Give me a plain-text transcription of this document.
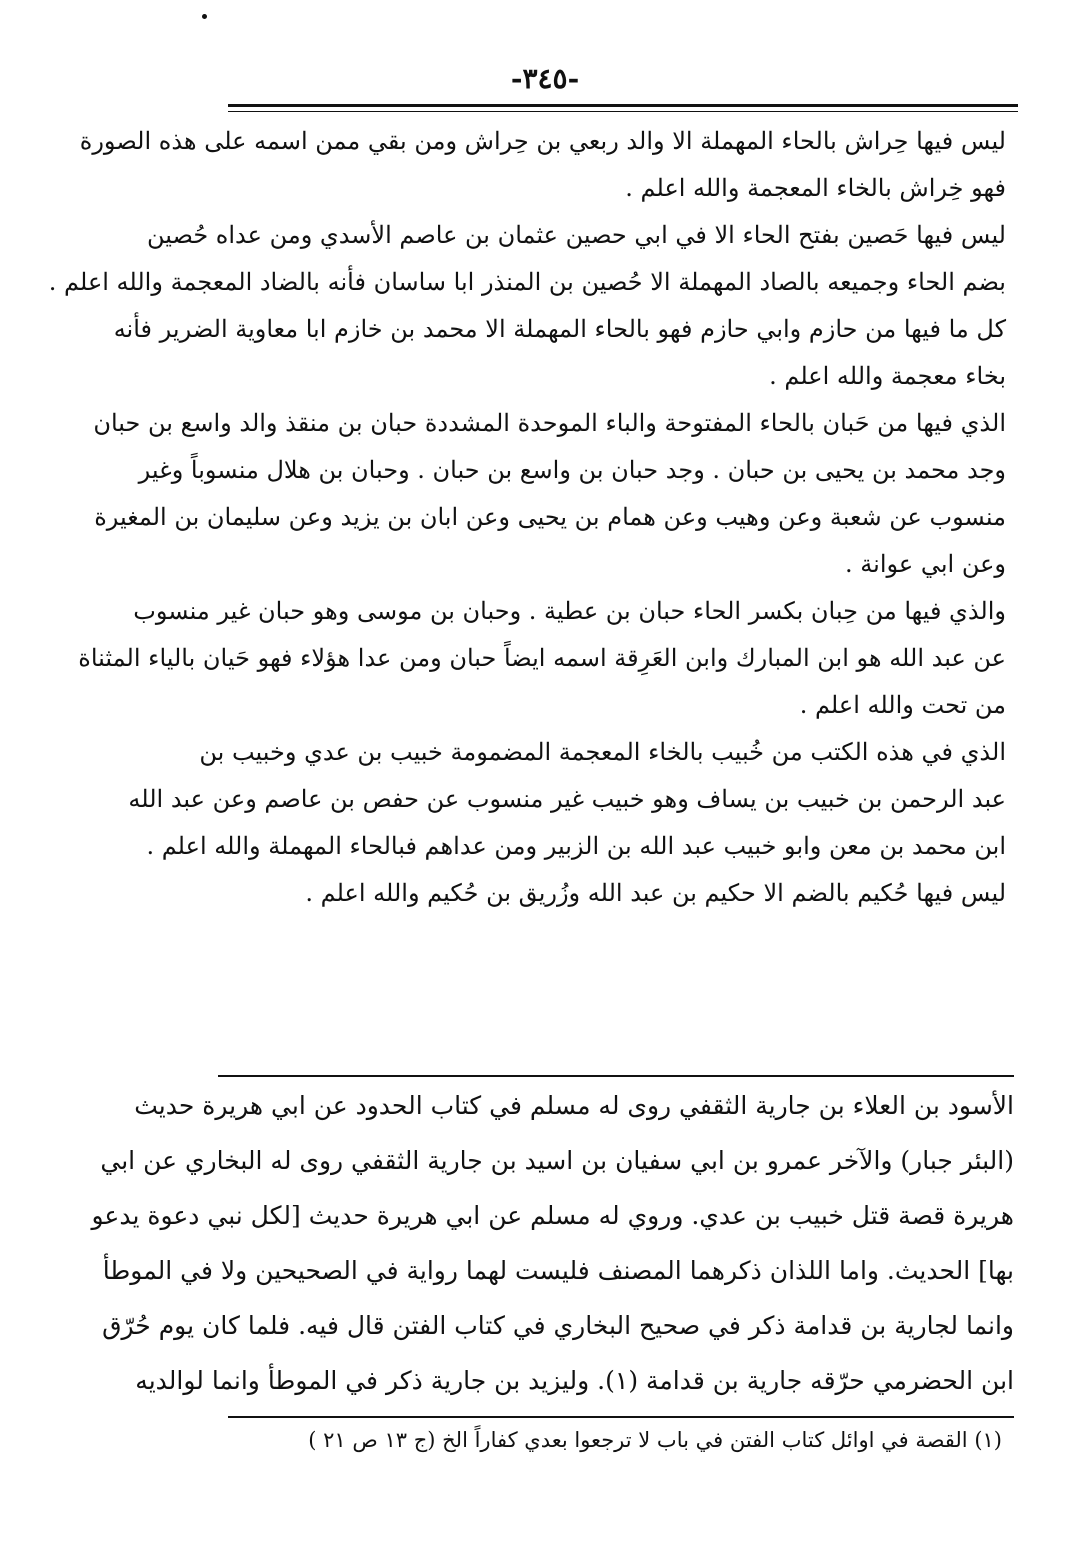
-٣٤٥-
ليس فيها حِراش بالحاء المهملة الا والد ربعي بن حِراش ومن بقي ممن اسمه على هذه الصورة
فهو خِراش بالخاء المعجمة والله اعلم .
ليس فيها حَصين بفتح الحاء الا في ابي حصين عثمان بن عاصم الأسدي ومن عداه حُصين
بضم الحاء وجميعه بالصاد المهملة الا حُصين بن المنذر ابا ساسان فأنه بالضاد المعجمة والله اعلم .
كل ما فيها من حازم وابي حازم فهو بالحاء المهملة الا محمد بن خازم ابا معاوية الضرير فأنه
بخاء معجمة والله اعلم .
الذي فيها من حَبان بالحاء المفتوحة والباء الموحدة المشددة حبان بن منقذ والد واسع بن حبان
وجد محمد بن يحيى بن حبان . وجد حبان بن واسع بن حبان . وحبان بن هلال منسوباً وغير
منسوب عن شعبة وعن وهيب وعن همام بن يحيى وعن ابان بن يزيد وعن سليمان بن المغيرة
وعن ابي عوانة .
والذي فيها من حِبان بكسر الحاء حبان بن عطية . وحبان بن موسى وهو حبان غير منسوب
عن عبد الله هو ابن المبارك وابن العَرِقة اسمه ايضاً حبان ومن عدا هؤلاء فهو حَيان بالياء المثناة
من تحت والله اعلم .
الذي في هذه الكتب من خُبيب بالخاء المعجمة المضمومة خبيب بن عدي وخبيب بن
عبد الرحمن بن خبيب بن يساف وهو خبيب غير منسوب عن حفص بن عاصم وعن عبد الله
ابن محمد بن معن وابو خبيب عبد الله بن الزبير ومن عداهم فبالحاء المهملة والله اعلم .
ليس فيها حُكيم بالضم الا حكيم بن عبد الله وزُريق بن حُكيم والله اعلم .
الأسود بن العلاء بن جارية الثقفي روى له مسلم في كتاب الحدود عن ابي هريرة حديث
(البئر جبار) والآخر عمرو بن ابي سفيان بن اسيد بن جارية الثقفي روى له البخاري عن ابي
هريرة قصة قتل خبيب بن عدي. وروي له مسلم عن ابي هريرة حديث [لكل نبي دعوة يدعو
بها] الحديث. واما اللذان ذكرهما المصنف فليست لهما رواية في الصحيحين ولا في الموطأ
وانما لجارية بن قدامة ذكر في صحيح البخاري في كتاب الفتن قال فيه. فلما كان يوم حُرّق
ابن الحضرمي حرّقه جارية بن قدامة (١). وليزيد بن جارية ذكر في الموطأ وانما لوالديه
(١) القصة في اوائل كتاب الفتن في باب لا ترجعوا بعدي كفاراً الخ (ج ١٣ ص ٢١ )
